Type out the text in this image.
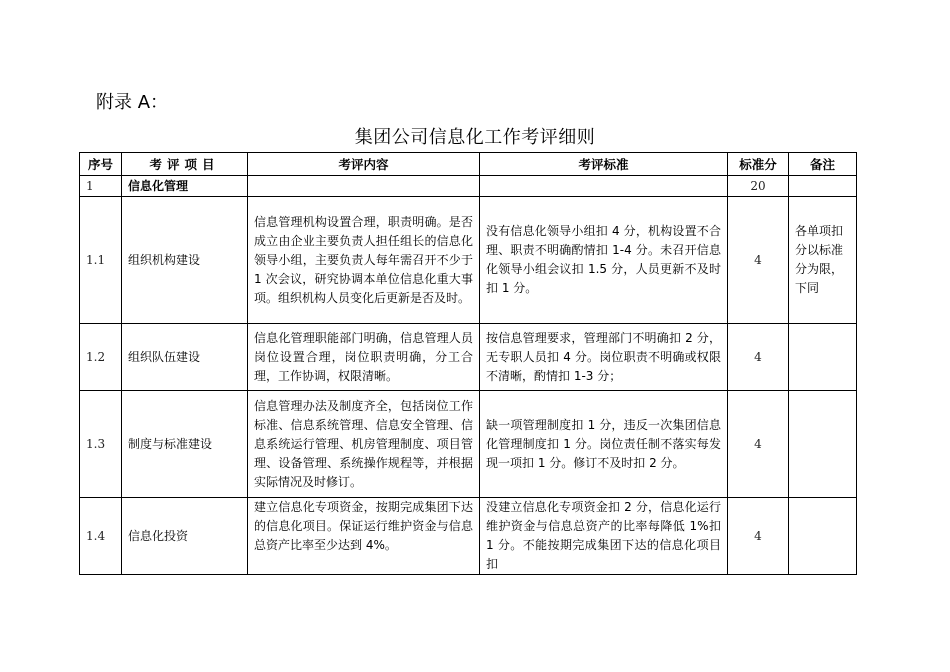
附录 A：
集团公司信息化工作考评细则
序号	考评项目	考评内容	考评标准	标准分	备注
1	信息化管理			20	
1.1	组织机构建设	信息管理机构设置合理，职责明确。是否成立由企业主要负责人担任组长的信息化领导小组，主要负责人每年需召开不少于 1 次会议，研究协调本单位信息化重大事项。组织机构人员变化后更新是否及时。	没有信息化领导小组扣 4 分，机构设置不合理、职责不明确酌情扣 1-4 分。未召开信息化领导小组会议扣 1.5 分，人员更新不及时扣 1 分。	4	各单项扣分以标准分为限，下同
1.2	组织队伍建设	信息化管理职能部门明确，信息管理人员岗位设置合理，岗位职责明确，分工合理，工作协调，权限清晰。	按信息管理要求，管理部门不明确扣 2 分，无专职人员扣 4 分。岗位职责不明确或权限不清晰，酌情扣 1-3 分；	4	
1.3	制度与标准建设	信息管理办法及制度齐全，包括岗位工作标准、信息系统管理、信息安全管理、信息系统运行管理、机房管理制度、项目管理、设备管理、系统操作规程等，并根据实际情况及时修订。	缺一项管理制度扣 1 分，违反一次集团信息化管理制度扣 1 分。岗位责任制不落实每发现一项扣 1 分。修订不及时扣 2 分。	4	
1.4	信息化投资	建立信息化专项资金，按期完成集团下达的信息化项目。保证运行维护资金与信息总资产比率至少达到 4%。	没建立信息化专项资金扣 2 分，信息化运行维护资金与信息总资产的比率每降低 1%扣 1 分。不能按期完成集团下达的信息化项目扣	4	
